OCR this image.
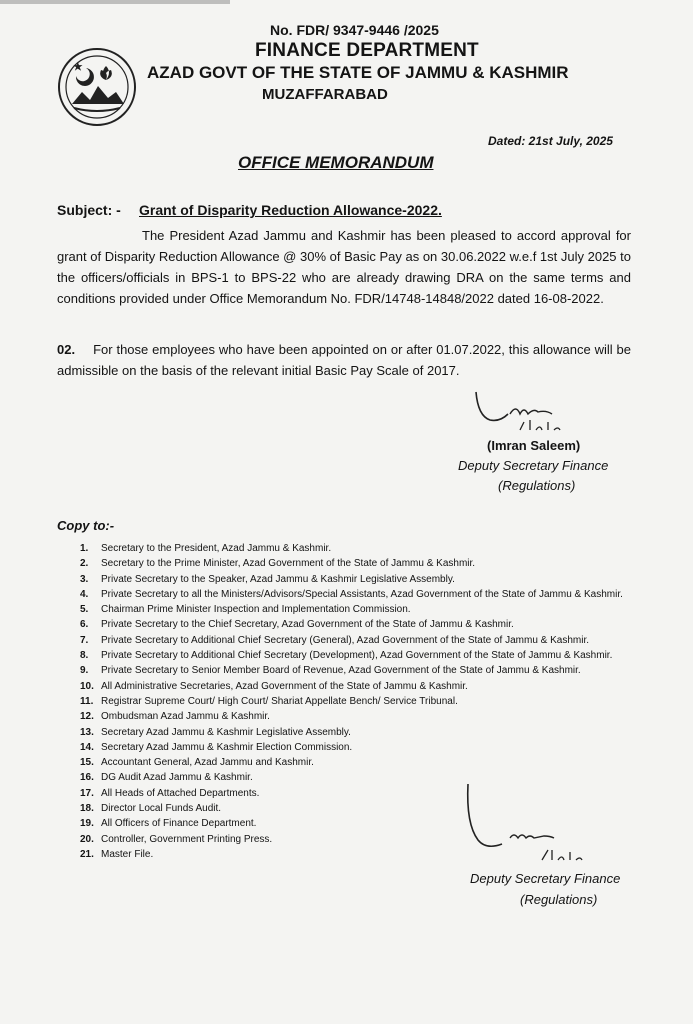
No. FDR/ 9347-9446 /2025
FINANCE DEPARTMENT
AZAD GOVT OF THE STATE OF JAMMU & KASHMIR
MUZAFFARABAD
Dated: 21st July, 2025
OFFICE MEMORANDUM
Subject: - Grant of Disparity Reduction Allowance-2022.
The President Azad Jammu and Kashmir has been pleased to accord approval for grant of Disparity Reduction Allowance @ 30% of Basic Pay as on 30.06.2022 w.e.f 1st July 2025 to the officers/officials in BPS-1 to BPS-22 who are already drawing DRA on the same terms and conditions provided under Office Memorandum No. FDR/14748-14848/2022 dated 16-08-2022.
02. For those employees who have been appointed on or after 01.07.2022, this allowance will be admissible on the basis of the relevant initial Basic Pay Scale of 2017.
(Imran Saleem)
Deputy Secretary Finance
(Regulations)
Copy to:-
1.	Secretary to the President, Azad Jammu & Kashmir.
2.	Secretary to the Prime Minister, Azad Government of the State of Jammu & Kashmir.
3.	Private Secretary to the Speaker, Azad Jammu & Kashmir Legislative Assembly.
4.	Private Secretary to all the Ministers/Advisors/Special Assistants, Azad Government of the State of Jammu & Kashmir.
5.	Chairman Prime Minister Inspection and Implementation Commission.
6.	Private Secretary to the Chief Secretary, Azad Government of the State of Jammu & Kashmir.
7.	Private Secretary to Additional Chief Secretary (General), Azad Government of the State of Jammu & Kashmir.
8.	Private Secretary to Additional Chief Secretary (Development), Azad Government of the State of Jammu & Kashmir.
9.	Private Secretary to Senior Member Board of Revenue, Azad Government of the State of Jammu & Kashmir.
10. All Administrative Secretaries, Azad Government of the State of Jammu & Kashmir.
11. Registrar Supreme Court/ High Court/ Shariat Appellate Bench/ Service Tribunal.
12. Ombudsman Azad Jammu & Kashmir.
13. Secretary Azad Jammu & Kashmir Legislative Assembly.
14. Secretary Azad Jammu & Kashmir Election Commission.
15. Accountant General, Azad Jammu and Kashmir.
16. DG Audit Azad Jammu & Kashmir.
17. All Heads of Attached Departments.
18. Director Local Funds Audit.
19. All Officers of Finance Department.
20. Controller, Government Printing Press.
21. Master File.
Deputy Secretary Finance
(Regulations)
